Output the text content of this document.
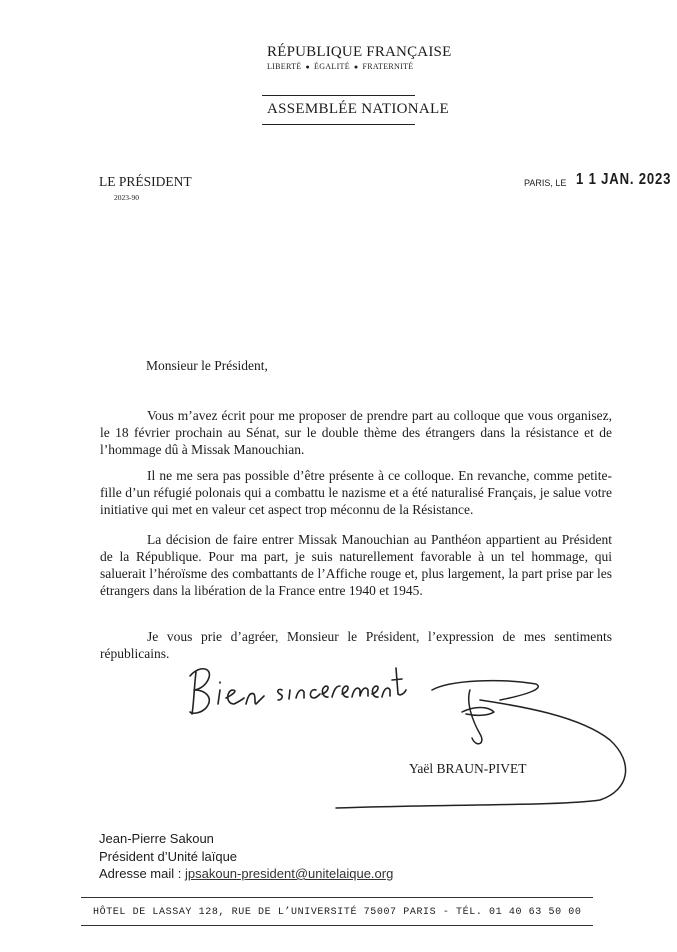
RÉPUBLIQUE FRANÇAISE
LIBERTÉ ● ÉGALITÉ ● FRATERNITÉ
ASSEMBLÉE NATIONALE
LE PRÉSIDENT
2023-90
PARIS, LE 1 1 JAN. 2023
Monsieur le Président,
Vous m’avez écrit pour me proposer de prendre part au colloque que vous organisez, le 18 février prochain au Sénat, sur le double thème des étrangers dans la résistance et de l’hommage dû à Missak Manouchian.
Il ne me sera pas possible d’être présente à ce colloque. En revanche, comme petite-fille d’un réfugié polonais qui a combattu le nazisme et a été naturalisé Français, je salue votre initiative qui met en valeur cet aspect trop méconnu de la Résistance.
La décision de faire entrer Missak Manouchian au Panthéon appartient au Président de la République. Pour ma part, je suis naturellement favorable à un tel hommage, qui saluerait l’héroïsme des combattants de l’Affiche rouge et, plus largement, la part prise par les étrangers dans la libération de la France entre 1940 et 1945.
Je vous prie d’agréer, Monsieur le Président, l’expression de mes sentiments républicains.
Yaël BRAUN-PIVET
Jean-Pierre Sakoun
Président d’Unité laïque
Adresse mail : jpsakoun-president@unitelaique.org
HÔTEL DE LASSAY 128, RUE DE L’UNIVERSITÉ 75007 PARIS - TÉL. 01 40 63 50 00
